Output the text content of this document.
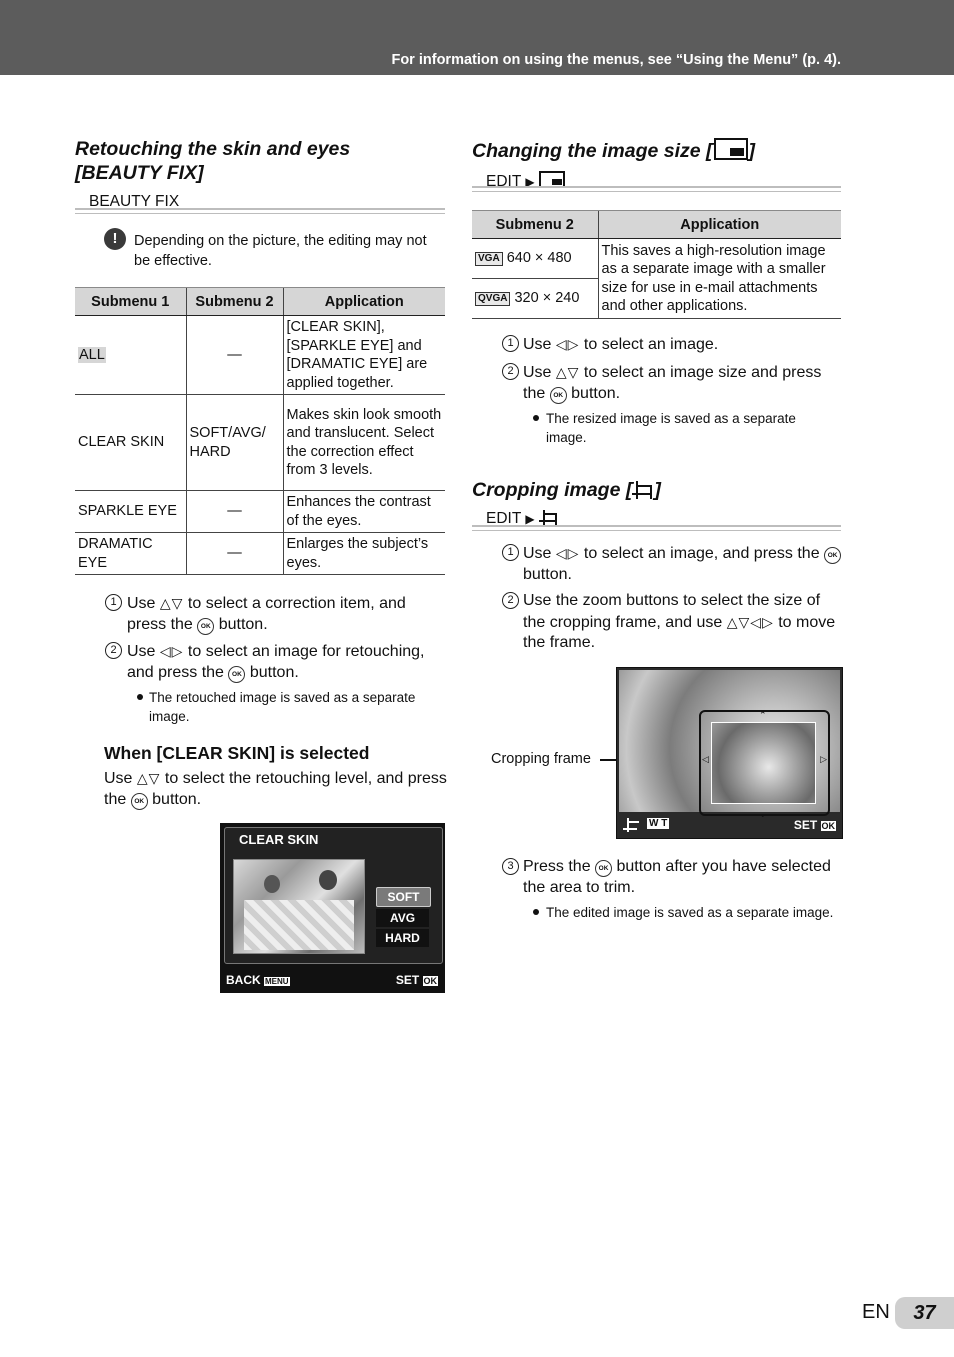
For information on using the menus, see “Using the Menu” (p. 4).
Retouching the skin and eyes
[BEAUTY FIX]
BEAUTY FIX
!	Depending on the picture, the editing may not be effective.
Submenu 1	Submenu 2	Application
ALL	—	[CLEAR SKIN], [SPARKLE EYE] and [DRAMATIC EYE] are applied together.
CLEAR SKIN	SOFT/AVG/ HARD	Makes skin look smooth and translucent. Select the correction effect from 3 levels.
SPARKLE EYE	—	Enhances the contrast of the eyes.
DRAMATIC EYE	—	Enlarges the subject’s eyes.
1 Use △▽ to select a correction item, and press the OK button.
Use ◁▷ to select an image for retouching, and press the OK button.
2
The retouched image is saved as a separate image.
When [CLEAR SKIN] is selected
Use △▽ to select the retouching level, and press the OK button.
CLEAR SKIN
SOFT
AVG
HARD
BACK MENU	SET OK
Changing the image size [ ]
EDIT ▶
Submenu 2	Application
VGA 640 × 480	This saves a high-resolution image as a separate image with a smaller size for use in e-mail attachments and other applications.
QVGA 320 × 240	
1 Use ◁▷ to select an image.
2 Use △▽ to select an image size and press the OK button.
The resized image is saved as a separate image.
Cropping image [ ]
EDIT ▶
1 Use ◁▷ to select an image, and press the OK button.
2 Use the zoom buttons to select the size of the cropping frame, and use △▽◁▷ to move the frame.
Cropping frame
⌃
⌄
◁	▷
W T	SET OK
3 Press the OK button after you have selected the area to trim.
The edited image is saved as a separate image.
EN	37
